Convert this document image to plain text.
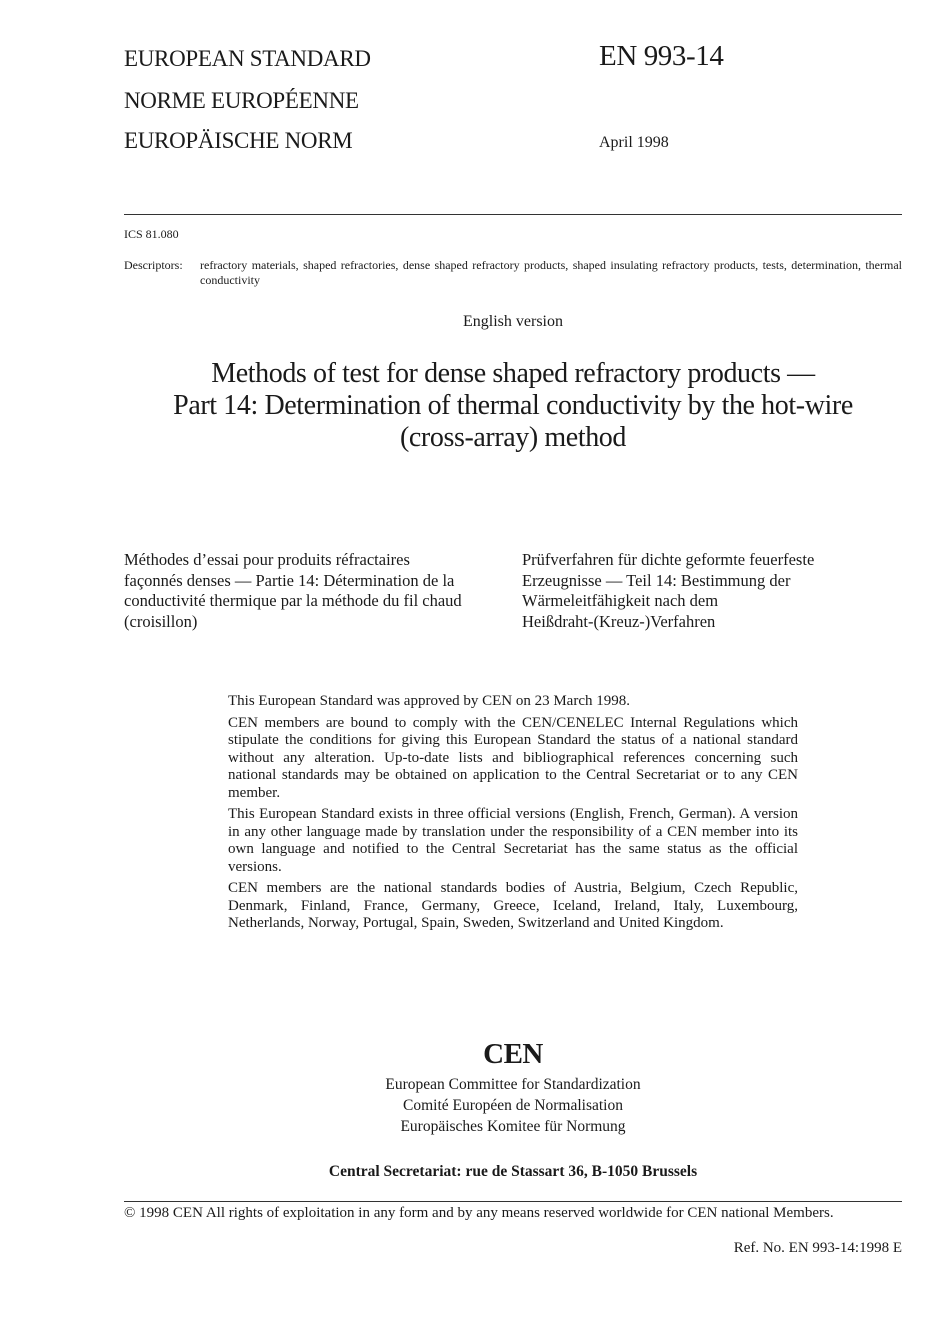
EUROPEAN STANDARD
NORME EUROPÉENNE
EUROPÄISCHE NORM
EN 993-14
April 1998
ICS 81.080
Descriptors: refractory materials, shaped refractories, dense shaped refractory products, shaped insulating refractory products, tests, determination, thermal conductivity
English version
Methods of test for dense shaped refractory products —
Part 14: Determination of thermal conductivity by the hot-wire
(cross-array) method
Méthodes d’essai pour produits réfractaires
façonnés denses — Partie 14: Détermination de la
conductivité thermique par la méthode du fil chaud
(croisillon)
Prüfverfahren für dichte geformte feuerfeste
Erzeugnisse — Teil 14: Bestimmung der
Wärmeleitfähigkeit nach dem
Heißdraht-(Kreuz-)Verfahren

This European Standard was approved by CEN on 23 March 1998.

CEN members are bound to comply with the CEN/CENELEC Internal Regulations which stipulate the conditions for giving this European Standard the status of a national standard without any alteration. Up-to-date lists and bibliographical references concerning such national standards may be obtained on application to the Central Secretariat or to any CEN member.

This European Standard exists in three official versions (English, French, German). A version in any other language made by translation under the responsibility of a CEN member into its own language and notified to the Central Secretariat has the same status as the official versions.

CEN members are the national standards bodies of Austria, Belgium, Czech Republic, Denmark, Finland, France, Germany, Greece, Iceland, Ireland, Italy, Luxembourg, Netherlands, Norway, Portugal, Spain, Sweden, Switzerland and United Kingdom.

CEN
European Committee for Standardization
Comité Européen de Normalisation
Europäisches Komitee für Normung
Central Secretariat: rue de Stassart 36, B-1050 Brussels
© 1998 CEN All rights of exploitation in any form and by any means reserved worldwide for CEN national Members.
Ref. No. EN 993-14:1998 E
